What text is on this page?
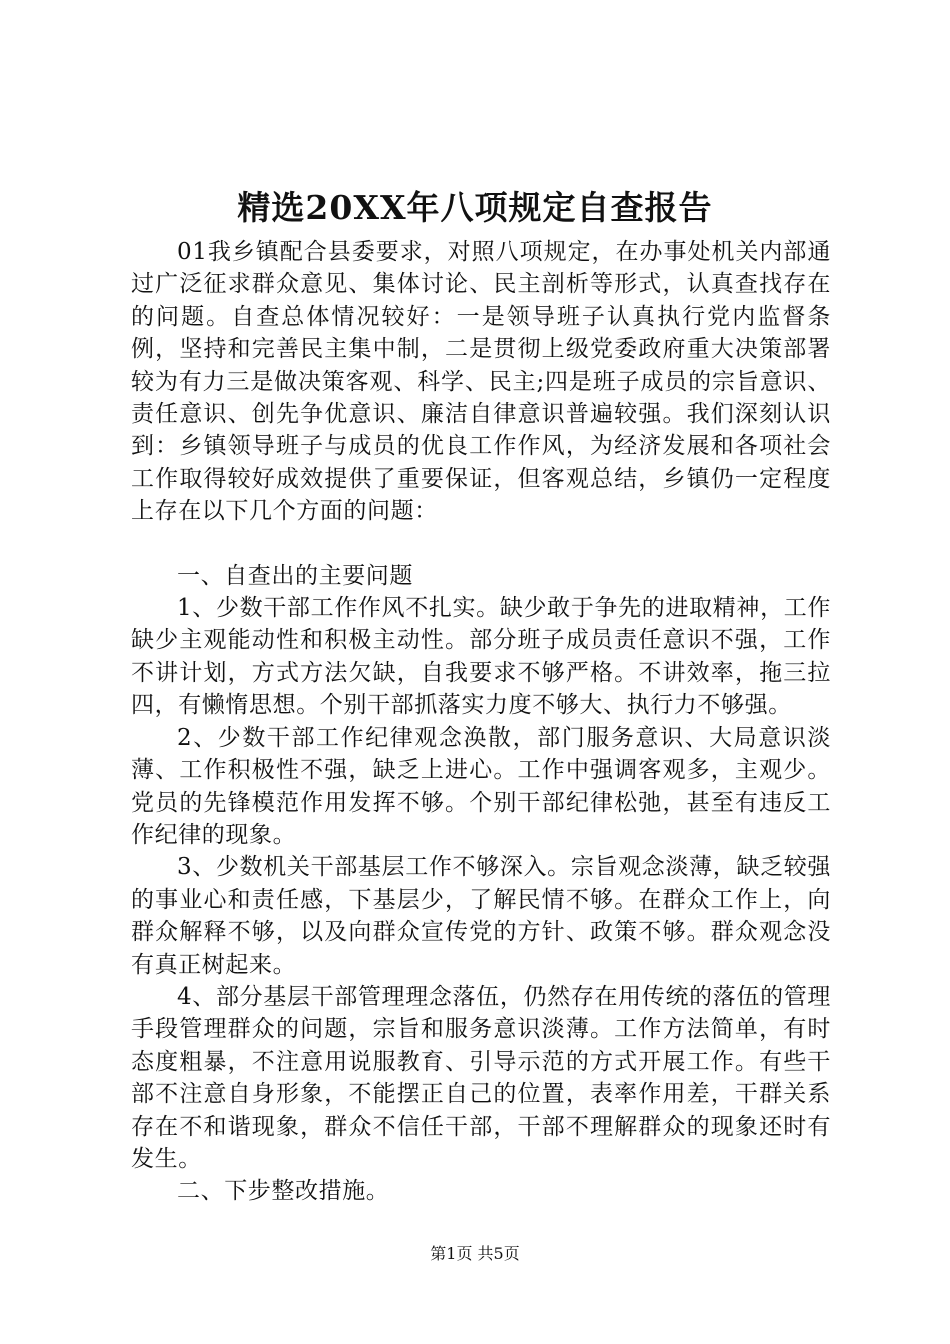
精选20XX年八项规定自查报告

01我乡镇配合县委要求，对照八项规定，在办事处机关内部通过广泛征求群众意见、集体讨论、民主剖析等形式，认真查找存在的问题。自查总体情况较好：一是领导班子认真执行党内监督条例，坚持和完善民主集中制，二是贯彻上级党委政府重大决策部署较为有力三是做决策客观、科学、民主;四是班子成员的宗旨意识、责任意识、创先争优意识、廉洁自律意识普遍较强。我们深刻认识到：乡镇领导班子与成员的优良工作作风，为经济发展和各项社会工作取得较好成效提供了重要保证，但客观总结，乡镇仍一定程度上存在以下几个方面的问题：

一、自查出的主要问题

1、少数干部工作作风不扎实。缺少敢于争先的进取精神，工作缺少主观能动性和积极主动性。部分班子成员责任意识不强，工作不讲计划，方式方法欠缺，自我要求不够严格。不讲效率，拖三拉四，有懒惰思想。个别干部抓落实力度不够大、执行力不够强。

2、少数干部工作纪律观念涣散，部门服务意识、大局意识淡薄、工作积极性不强，缺乏上进心。工作中强调客观多，主观少。党员的先锋模范作用发挥不够。个别干部纪律松弛，甚至有违反工作纪律的现象。

3、少数机关干部基层工作不够深入。宗旨观念淡薄，缺乏较强的事业心和责任感，下基层少，了解民情不够。在群众工作上，向群众解释不够，以及向群众宣传党的方针、政策不够。群众观念没有真正树起来。

4、部分基层干部管理理念落伍，仍然存在用传统的落伍的管理手段管理群众的问题，宗旨和服务意识淡薄。工作方法简单，有时态度粗暴，不注意用说服教育、引导示范的方式开展工作。有些干部不注意自身形象，不能摆正自己的位置，表率作用差，干群关系存在不和谐现象，群众不信任干部，干部不理解群众的现象还时有发生。

二、下步整改措施。

第1页 共5页
